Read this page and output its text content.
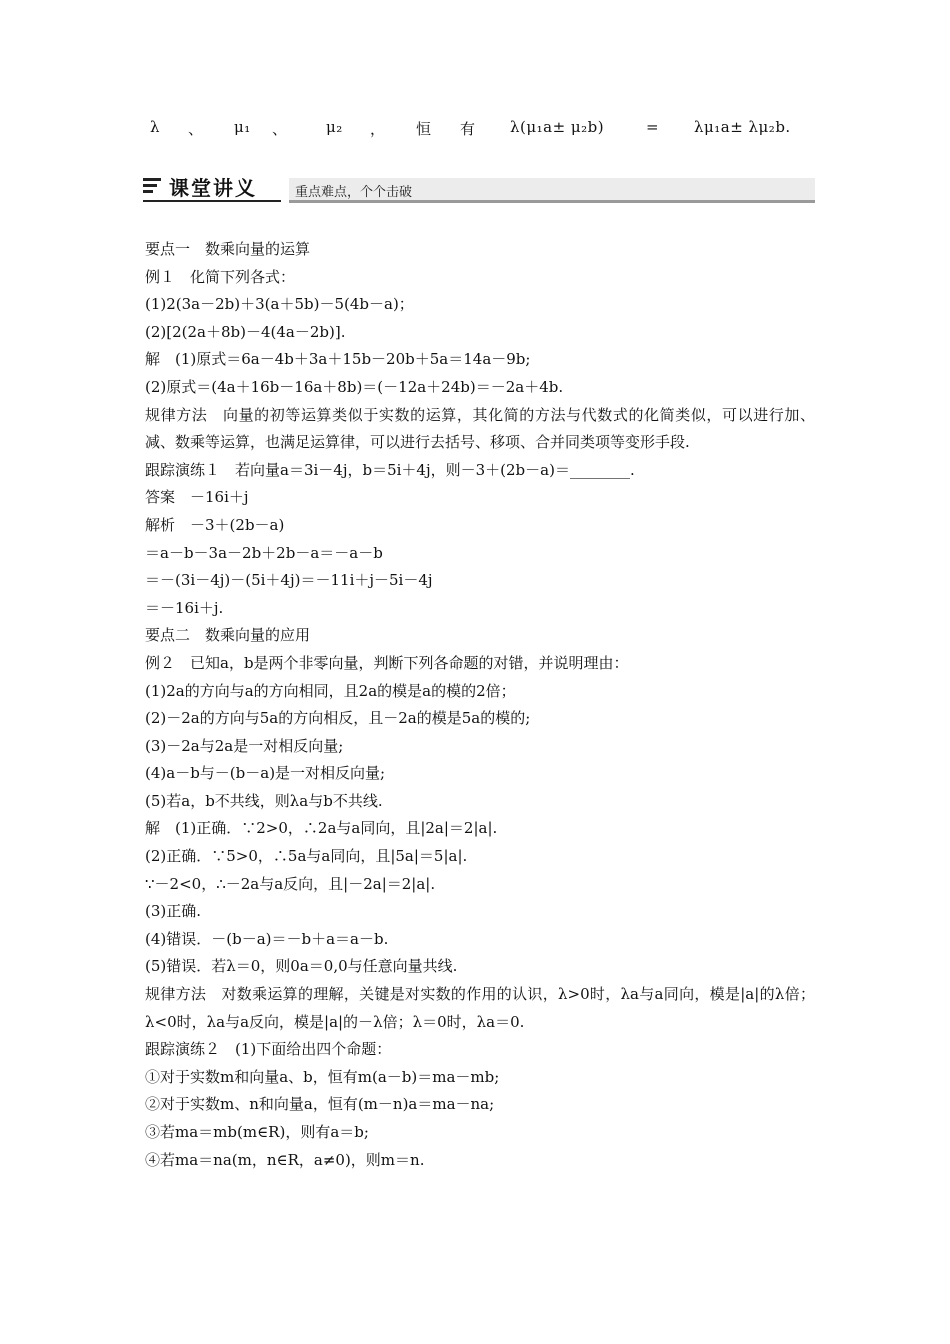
λ 、 μ₁ 、	μ₂ ， 恒 有 λ(μ₁a± μ₂b)	= λμ₁a± λμ₂b.
课堂讲义	重点难点，个个击破
要点一　数乘向量的运算
例１　化简下列各式：
(1)2(3a－2b)＋3(a＋5b)－5(4b－a)；
(2)[2(2a＋8b)－4(4a－2b)].
解　(1)原式＝6a－4b＋3a＋15b－20b＋5a＝14a－9b;
(2)原式＝(4a＋16b－16a＋8b)＝(－12a＋24b)＝－2a＋4b.
规律方法　向量的初等运算类似于实数的运算，其化简的方法与代数式的化简类似，可以进行加、减、数乘等运算，也满足运算律，可以进行去括号、移项、合并同类项等变形手段.
跟踪演练１　若向量a＝3i－4j，b＝5i＋4j，则－3＋(2b－a)＝________.
答案　－16i＋j
解析　－3＋(2b－a)
＝a－b－3a－2b＋2b－a＝－a－b
＝－(3i－4j)－(5i＋4j)＝－11i＋j－5i－4j
＝－16i＋j.
要点二　数乘向量的应用
例２　已知a，b是两个非零向量，判断下列各命题的对错，并说明理由：
(1)2a的方向与a的方向相同，且2a的模是a的模的2倍；
(2)－2a的方向与5a的方向相反，且－2a的模是5a的模的;
(3)－2a与2a是一对相反向量;
(4)a－b与－(b－a)是一对相反向量;
(5)若a，b不共线，则λa与b不共线.
解　(1)正确．∵2>0，∴2a与a同向，且|2a|＝2|a|.
(2)正确．∵5>0，∴5a与a同向，且|5a|＝5|a|.
∵－2<0，∴－2a与a反向，且|－2a|＝2|a|.
(3)正确.
(4)错误．－(b－a)＝－b＋a＝a－b.
(5)错误．若λ＝0，则0a＝0,0与任意向量共线.
规律方法　对数乘运算的理解，关键是对实数的作用的认识，λ>0时，λa与a同向，模是|a|的λ倍；λ<0时，λa与a反向，模是|a|的－λ倍；λ＝0时，λa＝0.
跟踪演练２　(1)下面给出四个命题：
①对于实数m和向量a、b，恒有m(a－b)＝ma－mb;
②对于实数m、n和向量a，恒有(m－n)a＝ma－na;
③若ma＝mb(m∈R)，则有a＝b;
④若ma＝na(m，n∈R，a≠0)，则m＝n.
